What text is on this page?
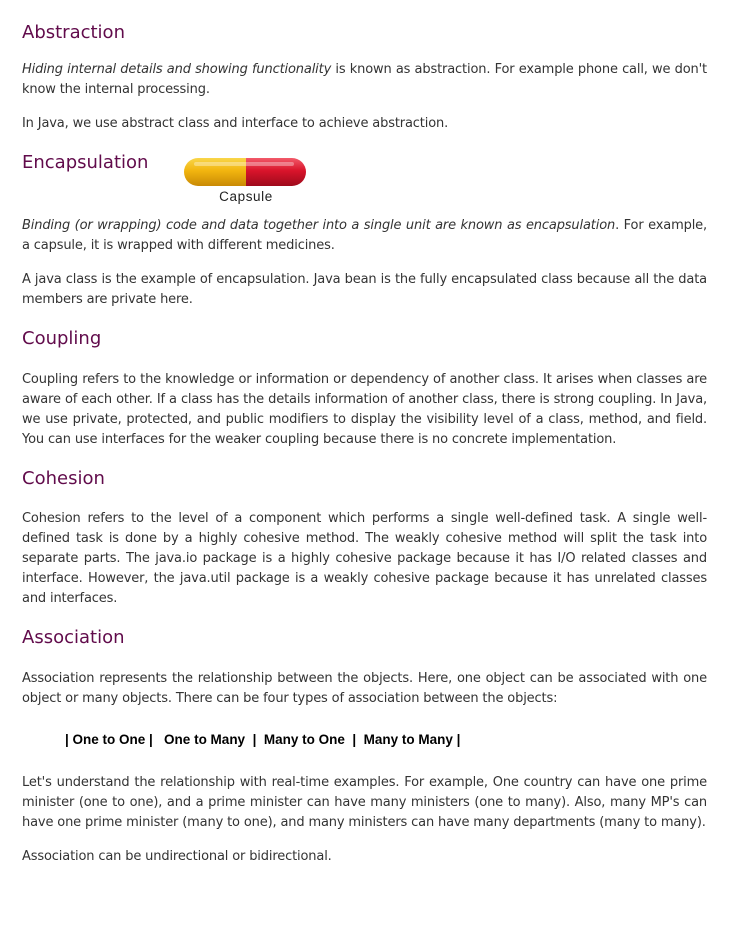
Abstraction

Hiding internal details and showing functionality is known as abstraction. For example phone call, we don't know the internal processing.

In Java, we use abstract class and interface to achieve abstraction.

Encapsulation
Capsule

Binding (or wrapping) code and data together into a single unit are known as encapsulation. For example, a capsule, it is wrapped with different medicines.

A java class is the example of encapsulation. Java bean is the fully encapsulated class because all the data members are private here.

Coupling

Coupling refers to the knowledge or information or dependency of another class. It arises when classes are aware of each other. If a class has the details information of another class, there is strong coupling. In Java, we use private, protected, and public modifiers to display the visibility level of a class, method, and field. You can use interfaces for the weaker coupling because there is no concrete implementation.

Cohesion

Cohesion refers to the level of a component which performs a single well-defined task. A single well-defined task is done by a highly cohesive method. The weakly cohesive method will split the task into separate parts. The java.io package is a highly cohesive package because it has I/O related classes and interface. However, the java.util package is a weakly cohesive package because it has unrelated classes and interfaces.

Association

Association represents the relationship between the objects. Here, one object can be associated with one object or many objects. There can be four types of association between the objects:

| One to One |   One to Many  |  Many to One  |  Many to Many |

Let's understand the relationship with real-time examples. For example, One country can have one prime minister (one to one), and a prime minister can have many ministers (one to many). Also, many MP's can have one prime minister (many to one), and many ministers can have many departments (many to many).

Association can be undirectional or bidirectional.
